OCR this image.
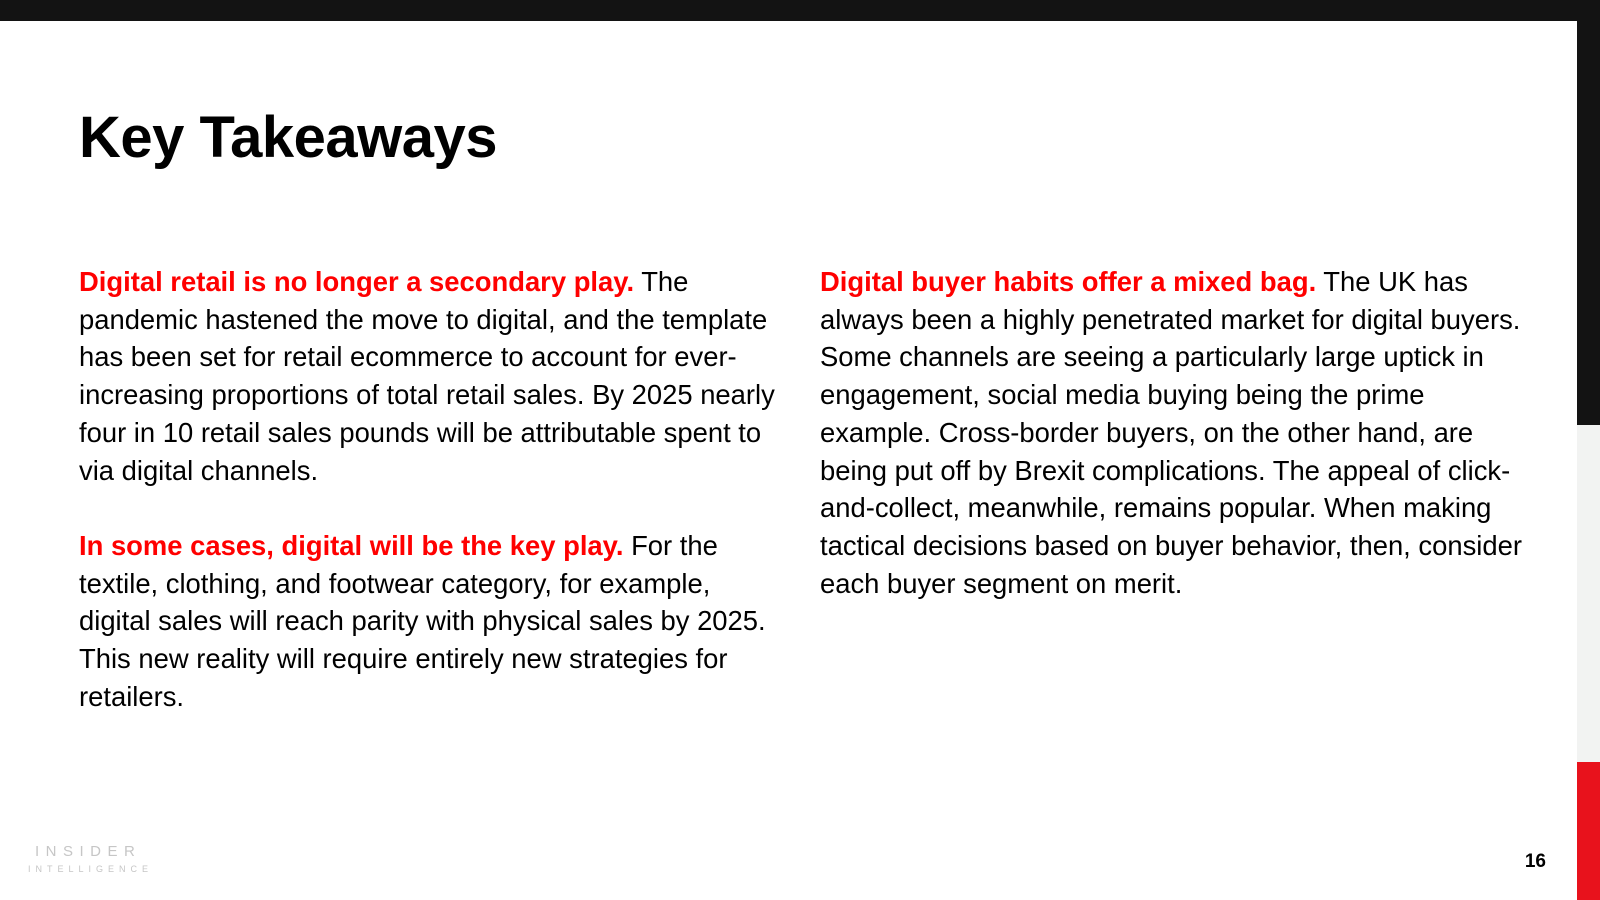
Key Takeaways

Digital retail is no longer a secondary play. The pandemic hastened the move to digital, and the template has been set for retail ecommerce to account for ever-increasing proportions of total retail sales. By 2025 nearly four in 10 retail sales pounds will be attributable spent to via digital channels.

In some cases, digital will be the key play. For the textile, clothing, and footwear category, for example, digital sales will reach parity with physical sales by 2025. This new reality will require entirely new strategies for retailers.

Digital buyer habits offer a mixed bag. The UK has always been a highly penetrated market for digital buyers. Some channels are seeing a particularly large uptick in engagement, social media buying being the prime example. Cross-border buyers, on the other hand, are being put off by Brexit complications. The appeal of click-and-collect, meanwhile, remains popular. When making tactical decisions based on buyer behavior, then, consider each buyer segment on merit.

INSIDER
INTELLIGENCE	16
